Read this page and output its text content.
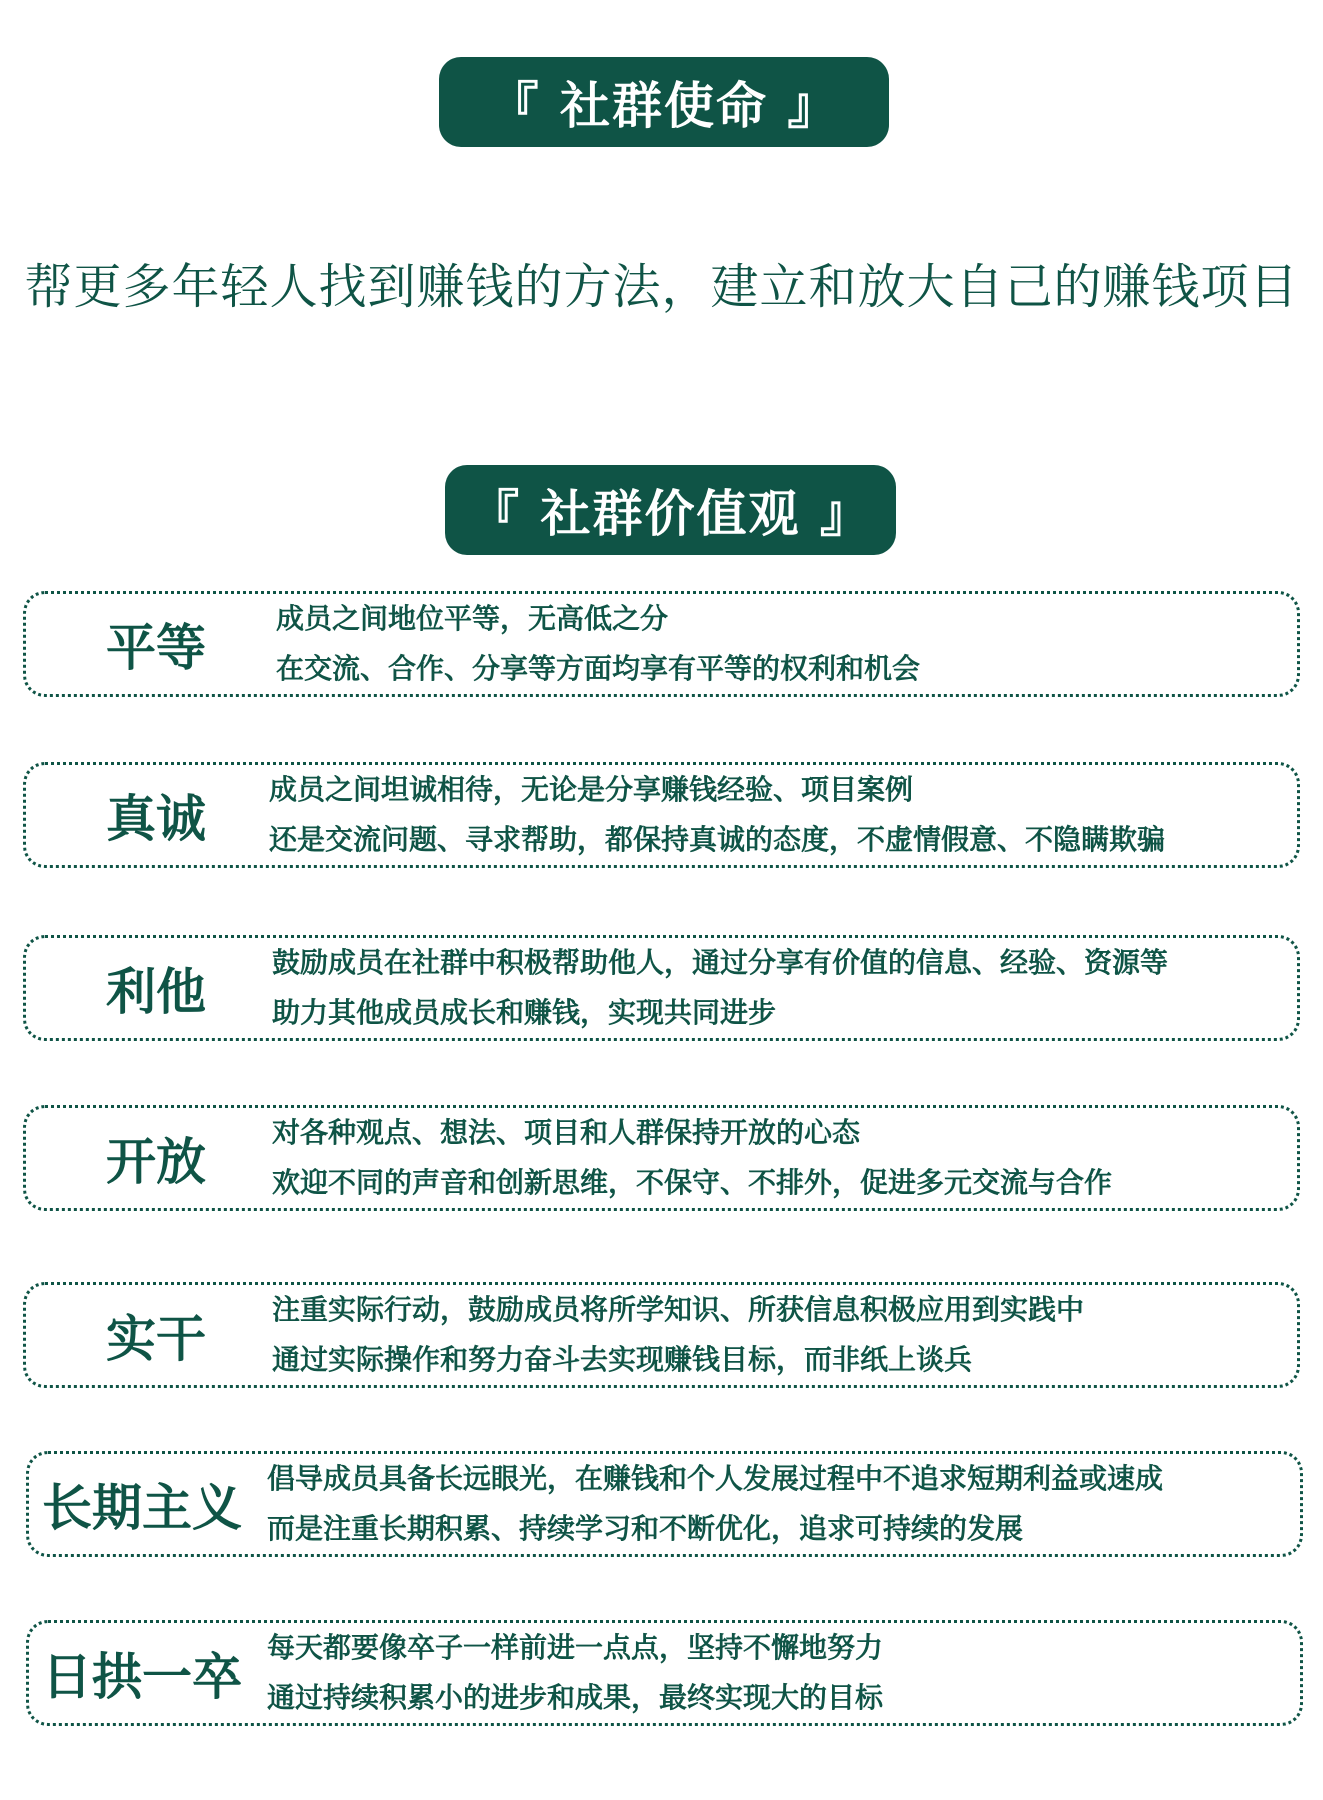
『 社群使命 』
帮更多年轻人找到赚钱的方法，建立和放大自己的赚钱项目
『 社群价值观 』
平等
成员之间地位平等，无高低之分
在交流、合作、分享等方面均享有平等的权利和机会
真诚
成员之间坦诚相待，无论是分享赚钱经验、项目案例
还是交流问题、寻求帮助，都保持真诚的态度，不虚情假意、不隐瞒欺骗
利他
鼓励成员在社群中积极帮助他人，通过分享有价值的信息、经验、资源等
助力其他成员成长和赚钱，实现共同进步
开放
对各种观点、想法、项目和人群保持开放的心态
欢迎不同的声音和创新思维，不保守、不排外，促进多元交流与合作
实干
注重实际行动，鼓励成员将所学知识、所获信息积极应用到实践中
通过实际操作和努力奋斗去实现赚钱目标，而非纸上谈兵
长期主义
倡导成员具备长远眼光，在赚钱和个人发展过程中不追求短期利益或速成
而是注重长期积累、持续学习和不断优化，追求可持续的发展
日拱一卒
每天都要像卒子一样前进一点点，坚持不懈地努力
通过持续积累小的进步和成果，最终实现大的目标
